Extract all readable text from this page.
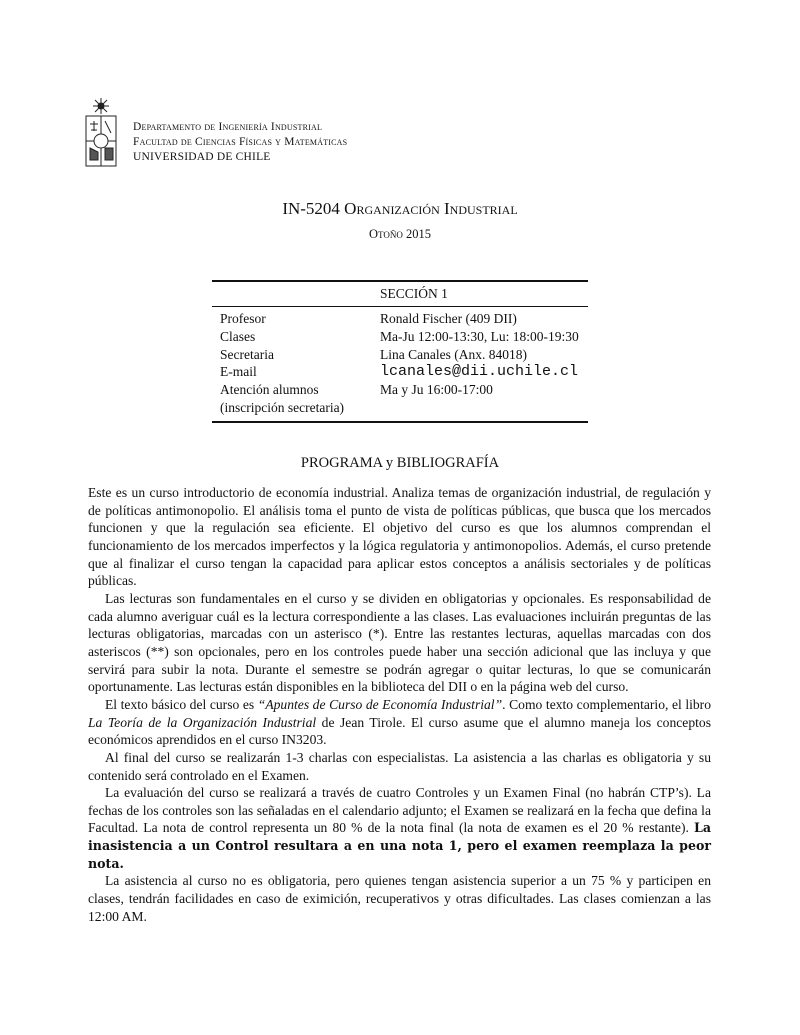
Departamento de Ingeniería Industrial
Facultad de Ciencias Físicas y Matemáticas
UNIVERSIDAD DE CHILE
IN-5204 Organización Industrial
Otoño 2015
SECCIÓN 1
Profesor	Ronald Fischer (409 DII)
Clases	Ma-Ju 12:00-13:30, Lu: 18:00-19:30
Secretaria	Lina Canales (Anx. 84018)
E-mail	lcanales@dii.uchile.cl
Atención alumnos	Ma y Ju 16:00-17:00
(inscripción secretaria)
PROGRAMA y BIBLIOGRAFÍA

Este es un curso introductorio de economía industrial. Analiza temas de organización industrial, de regulación y de políticas antimonopolio. El análisis toma el punto de vista de políticas públicas, que busca que los mercados funcionen y que la regulación sea eficiente. El objetivo del curso es que los alumnos comprendan el funcionamiento de los mercados imperfectos y la lógica regulatoria y antimonopolios. Además, el curso pretende que al finalizar el curso tengan la capacidad para aplicar estos conceptos a análisis sectoriales y de políticas públicas.

Las lecturas son fundamentales en el curso y se dividen en obligatorias y opcionales. Es responsabilidad de cada alumno averiguar cuál es la lectura correspondiente a las clases. Las evaluaciones incluirán preguntas de las lecturas obligatorias, marcadas con un asterisco (*). Entre las restantes lecturas, aquellas marcadas con dos asteriscos (**) son opcionales, pero en los controles puede haber una sección adicional que las incluya y que servirá para subir la nota. Durante el semestre se podrán agregar o quitar lecturas, lo que se comunicarán oportunamente. Las lecturas están disponibles en la biblioteca del DII o en la página web del curso.

El texto básico del curso es “Apuntes de Curso de Economía Industrial”. Como texto complementario, el libro La Teoría de la Organización Industrial de Jean Tirole. El curso asume que el alumno maneja los conceptos económicos aprendidos en el curso IN3203.

Al final del curso se realizarán 1-3 charlas con especialistas. La asistencia a las charlas es obligatoria y su contenido será controlado en el Examen.

La evaluación del curso se realizará a través de cuatro Controles y un Examen Final (no habrán CTP’s). La fechas de los controles son las señaladas en el calendario adjunto; el Examen se realizará en la fecha que defina la Facultad. La nota de control representa un 80 % de la nota final (la nota de examen es el 20 % restante). La inasistencia a un Control resultara a en una nota 1, pero el examen reemplaza la peor nota.

La asistencia al curso no es obligatoria, pero quienes tengan asistencia superior a un 75 % y participen en clases, tendrán facilidades en caso de eximición, recuperativos y otras dificultades. Las clases comienzan a las 12:00 AM.
